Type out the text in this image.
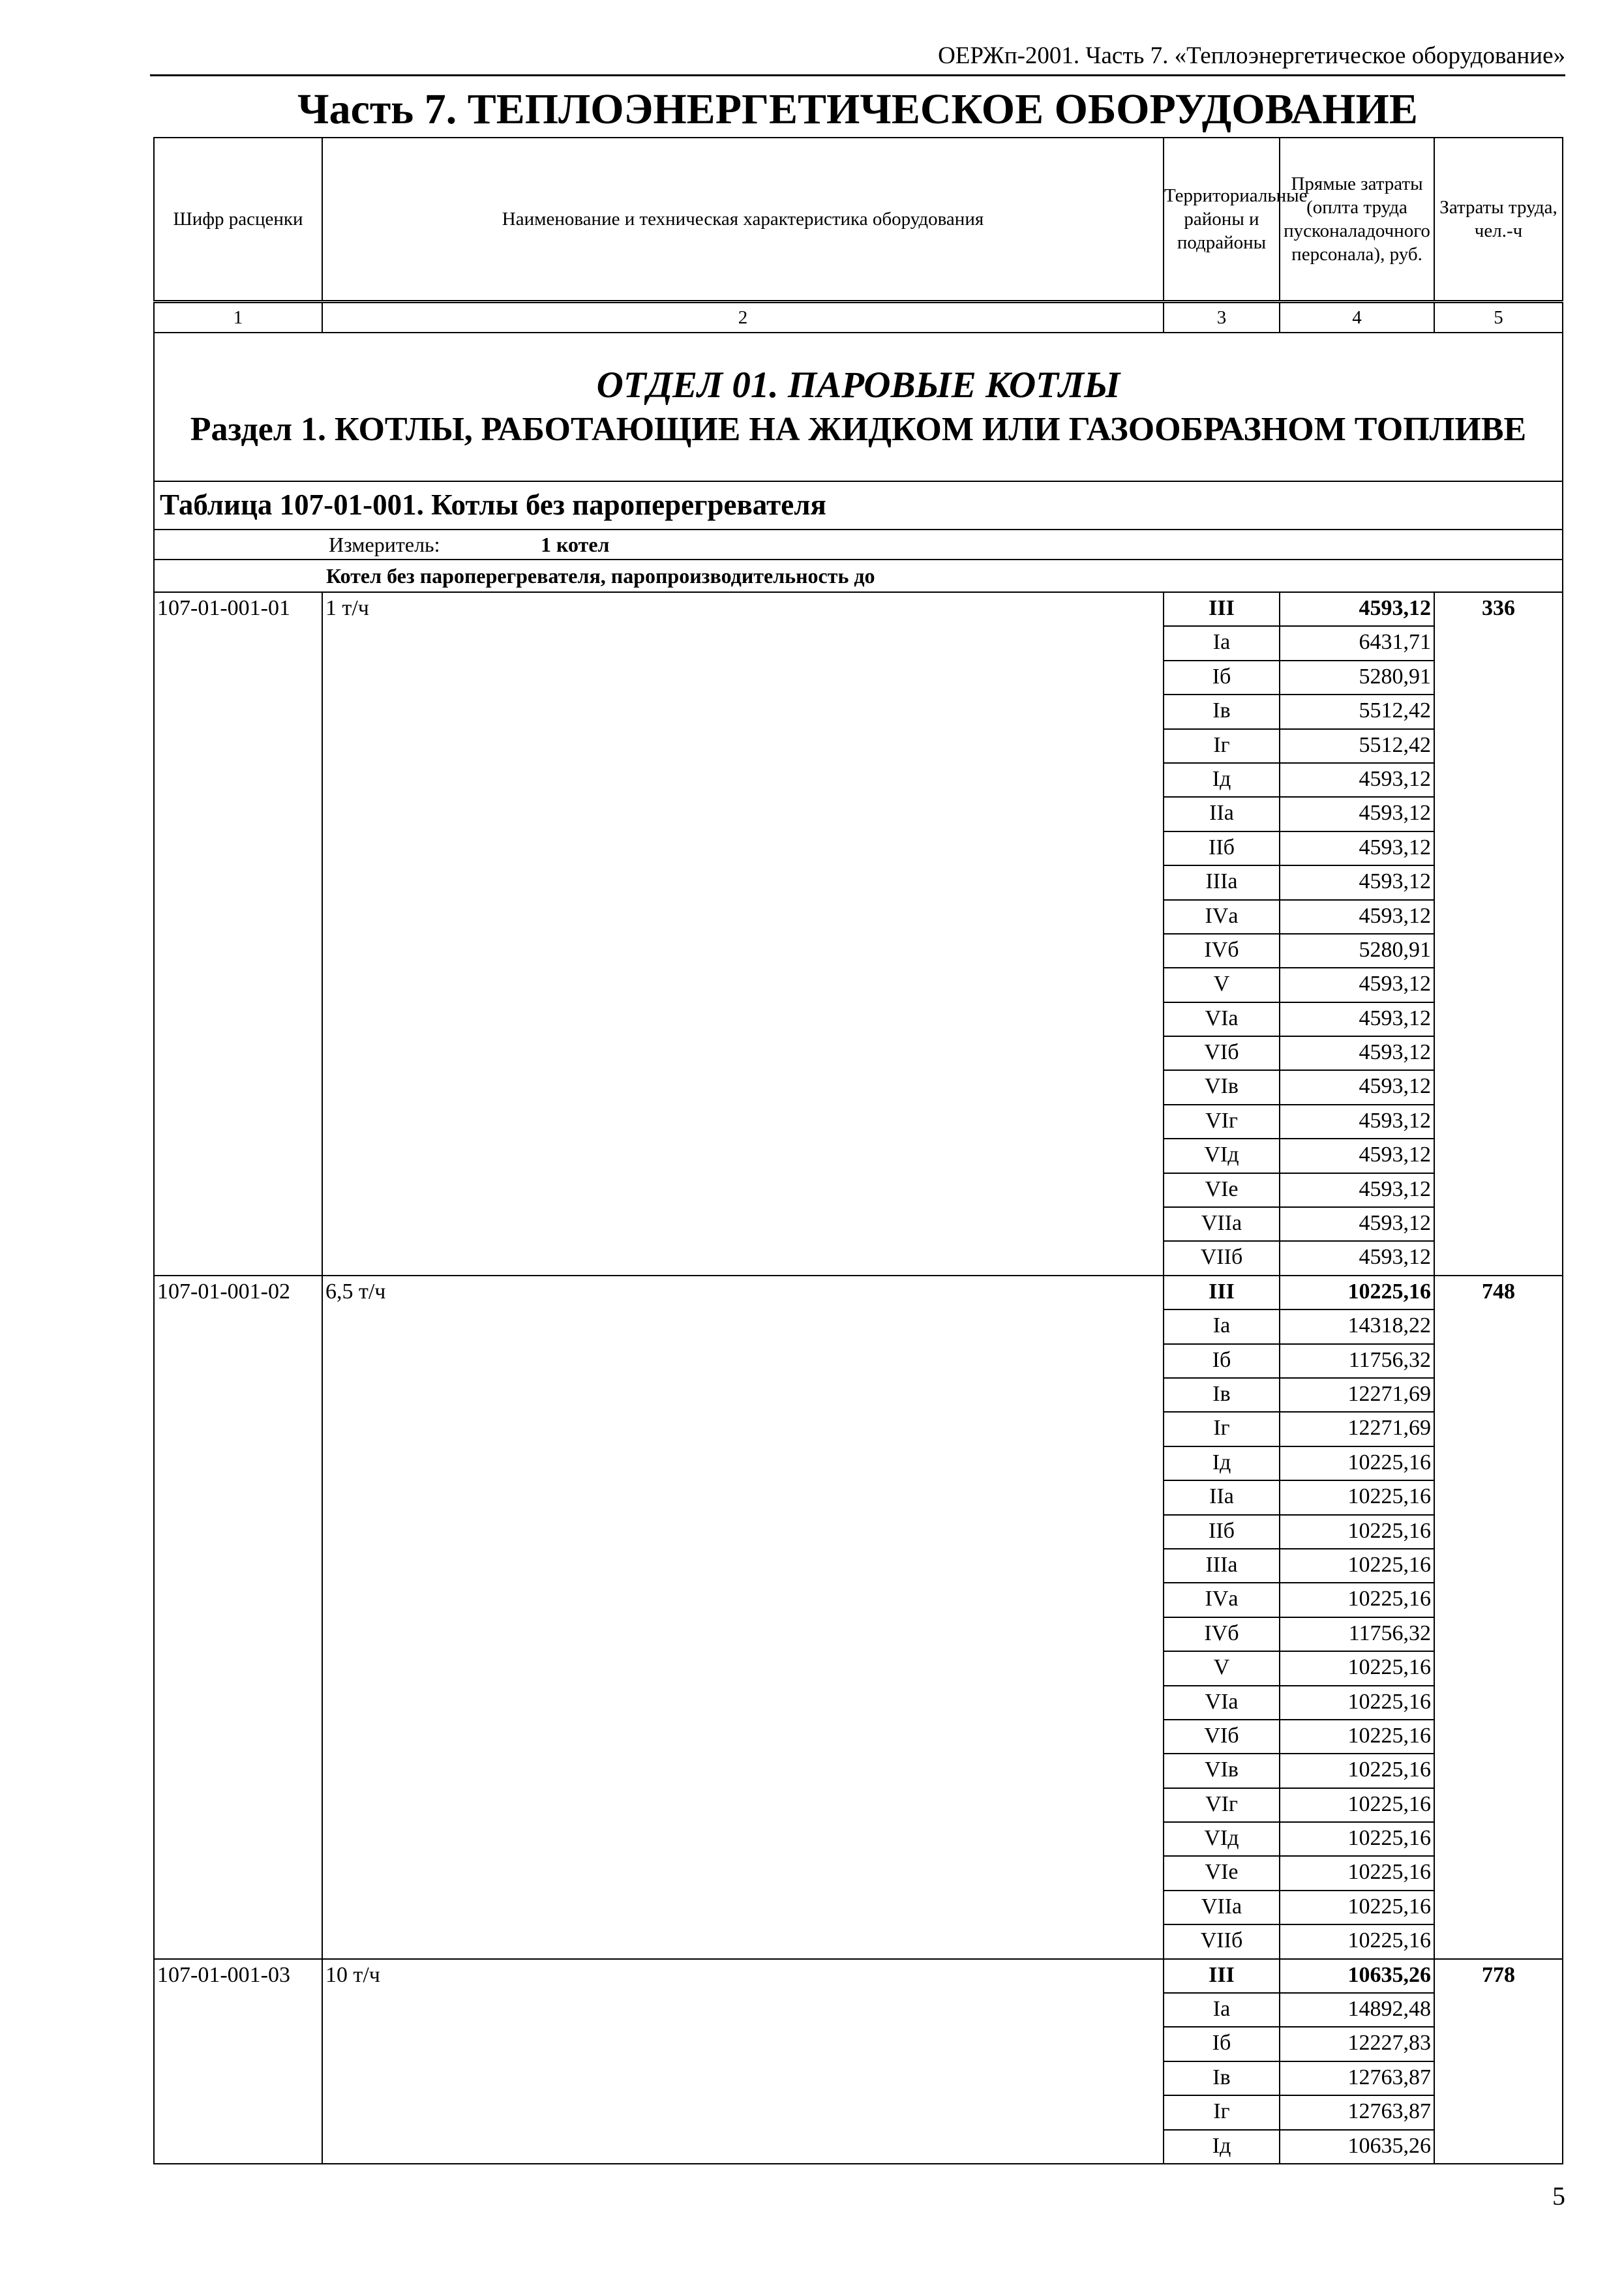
ОЕРЖп-2001. Часть 7. «Теплоэнергетическое оборудование»
Часть 7. ТЕПЛОЭНЕРГЕТИЧЕСКОЕ ОБОРУДОВАНИЕ
Шифр расценки	Наименование и техническая характеристика оборудования	Территориальные районы и подрайоны	Прямые затраты (оплта труда пусконаладочного персонала), руб.	Затраты труда, чел.-ч
1	2	3	4	5

ОТДЕЛ 01. ПАРОВЫЕ КОТЛЫ
Раздел 1. КОТЛЫ, РАБОТАЮЩИЕ НА ЖИДКОМ ИЛИ ГАЗООБРАЗНОМ ТОПЛИВЕ				

Таблица 107-01-001. Котлы без пароперегревателя				
Измеритель: 1 котел				
Котел без пароперегревателя, паропроизводительность до				
107-01-001-01	1 т/ч	III	4593,12	336
		Iа	6431,71	
		Iб	5280,91	
		Iв	5512,42	
		Iг	5512,42	
		Iд	4593,12	
		IIа	4593,12	
		IIб	4593,12	
		IIIа	4593,12	
		IVа	4593,12	
		IVб	5280,91	
		V	4593,12	
		VIа	4593,12	
		VIб	4593,12	
		VIв	4593,12	
		VIг	4593,12	
		VIд	4593,12	
		VIе	4593,12	
		VIIа	4593,12	
		VIIб	4593,12	
107-01-001-02	6,5 т/ч	III	10225,16	748
		Iа	14318,22	
		Iб	11756,32	
		Iв	12271,69	
		Iг	12271,69	
		Iд	10225,16	
		IIа	10225,16	
		IIб	10225,16	
		IIIа	10225,16	
		IVа	10225,16	
		IVб	11756,32	
		V	10225,16	
		VIа	10225,16	
		VIб	10225,16	
		VIв	10225,16	
		VIг	10225,16	
		VIд	10225,16	
		VIе	10225,16	
		VIIа	10225,16	
		VIIб	10225,16	
107-01-001-03	10 т/ч	III	10635,26	778
		Iа	14892,48	
		Iб	12227,83	
		Iв	12763,87	
		Iг	12763,87	
		Iд	10635,26	
5
